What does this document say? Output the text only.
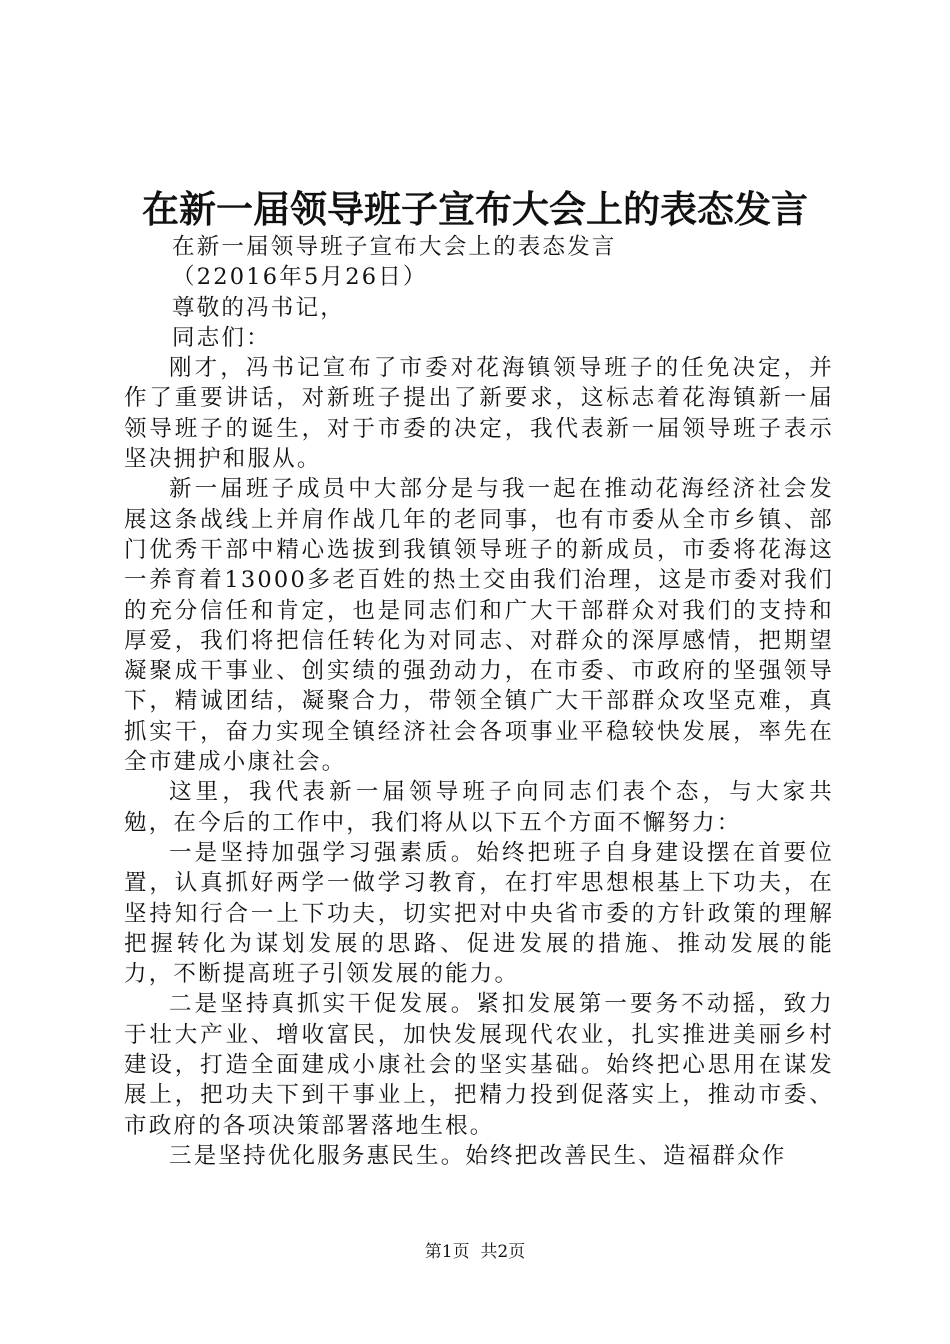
在新一届领导班子宣布大会上的表态发言

在新一届领导班子宣布大会上的表态发言

（22016年5月26日）

尊敬的冯书记，

同志们：

刚才，冯书记宣布了市委对花海镇领导班子的任免决定，并作了重要讲话，对新班子提出了新要求，这标志着花海镇新一届领导班子的诞生，对于市委的决定，我代表新一届领导班子表示坚决拥护和服从。

新一届班子成员中大部分是与我一起在推动花海经济社会发展这条战线上并肩作战几年的老同事，也有市委从全市乡镇、部门优秀干部中精心选拔到我镇领导班子的新成员，市委将花海这一养育着13000多老百姓的热土交由我们治理，这是市委对我们的充分信任和肯定，也是同志们和广大干部群众对我们的支持和厚爱，我们将把信任转化为对同志、对群众的深厚感情，把期望凝聚成干事业、创实绩的强劲动力，在市委、市政府的坚强领导下，精诚团结，凝聚合力，带领全镇广大干部群众攻坚克难，真抓实干，奋力实现全镇经济社会各项事业平稳较快发展，率先在全市建成小康社会。

这里，我代表新一届领导班子向同志们表个态，与大家共勉，在今后的工作中，我们将从以下五个方面不懈努力：

一是坚持加强学习强素质。始终把班子自身建设摆在首要位置，认真抓好两学一做学习教育，在打牢思想根基上下功夫，在坚持知行合一上下功夫，切实把对中央省市委的方针政策的理解把握转化为谋划发展的思路、促进发展的措施、推动发展的能力，不断提高班子引领发展的能力。

二是坚持真抓实干促发展。紧扣发展第一要务不动摇，致力于壮大产业、增收富民，加快发展现代农业，扎实推进美丽乡村建设，打造全面建成小康社会的坚实基础。始终把心思用在谋发展上，把功夫下到干事业上，把精力投到促落实上，推动市委、市政府的各项决策部署落地生根。

三是坚持优化服务惠民生。始终把改善民生、造福群众作

第1页 共2页
